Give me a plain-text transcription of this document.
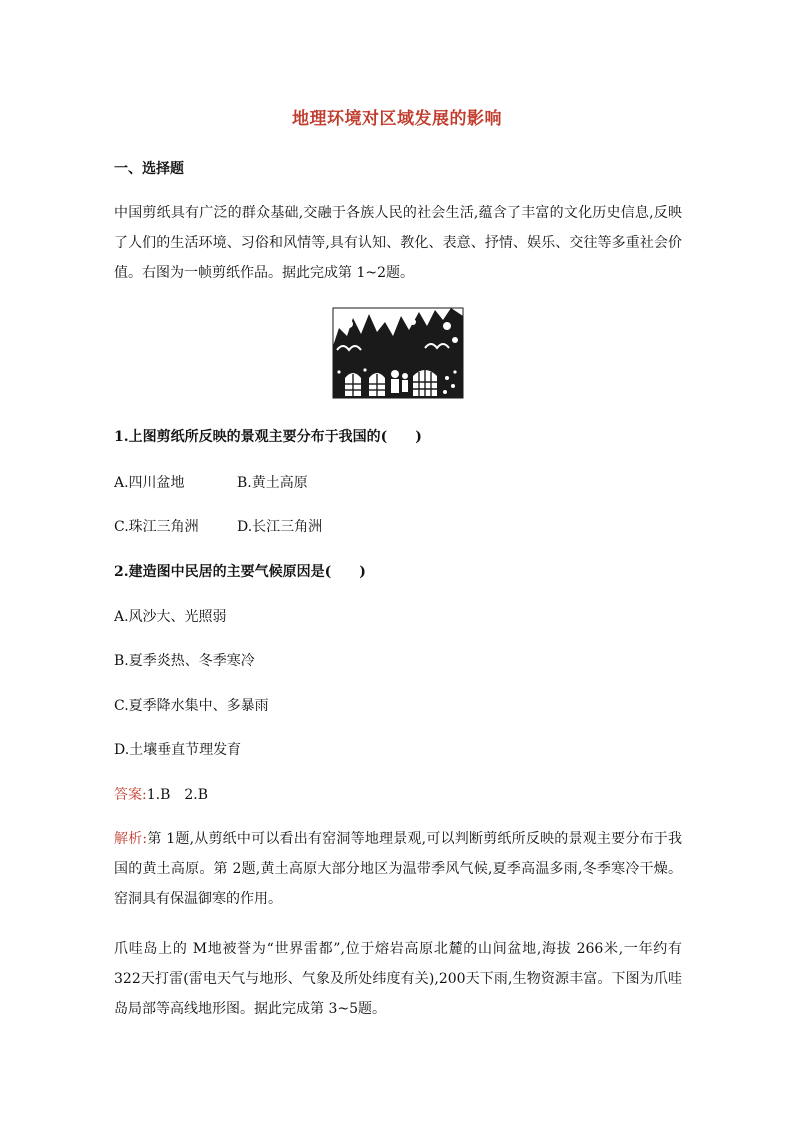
地理环境对区域发展的影响

一、选择题

中国剪纸具有广泛的群众基础,交融于各族人民的社会生活,蕴含了丰富的文化历史信息,反映了人们的生活环境、习俗和风情等,具有认知、教化、表意、抒情、娱乐、交往等多重社会价值。右图为一帧剪纸作品。据此完成第 1~2题。

1.上图剪纸所反映的景观主要分布于我国的(　　)

A.四川盆地	B.黄土高原

C.珠江三角洲	D.长江三角洲

2.建造图中民居的主要气候原因是(　　)

A.风沙大、光照弱

B.夏季炎热、冬季寒冷

C.夏季降水集中、多暴雨

D.土壤垂直节理发育

答案:1.B　2.B

解析:第 1题,从剪纸中可以看出有窑洞等地理景观,可以判断剪纸所反映的景观主要分布于我国的黄土高原。第 2题,黄土高原大部分地区为温带季风气候,夏季高温多雨,冬季寒冷干燥。窑洞具有保温御寒的作用。

爪哇岛上的 M地被誉为“世界雷都”,位于熔岩高原北麓的山间盆地,海拔 266米,一年约有 322天打雷(雷电天气与地形、气象及所处纬度有关),200天下雨,生物资源丰富。下图为爪哇岛局部等高线地形图。据此完成第 3~5题。
